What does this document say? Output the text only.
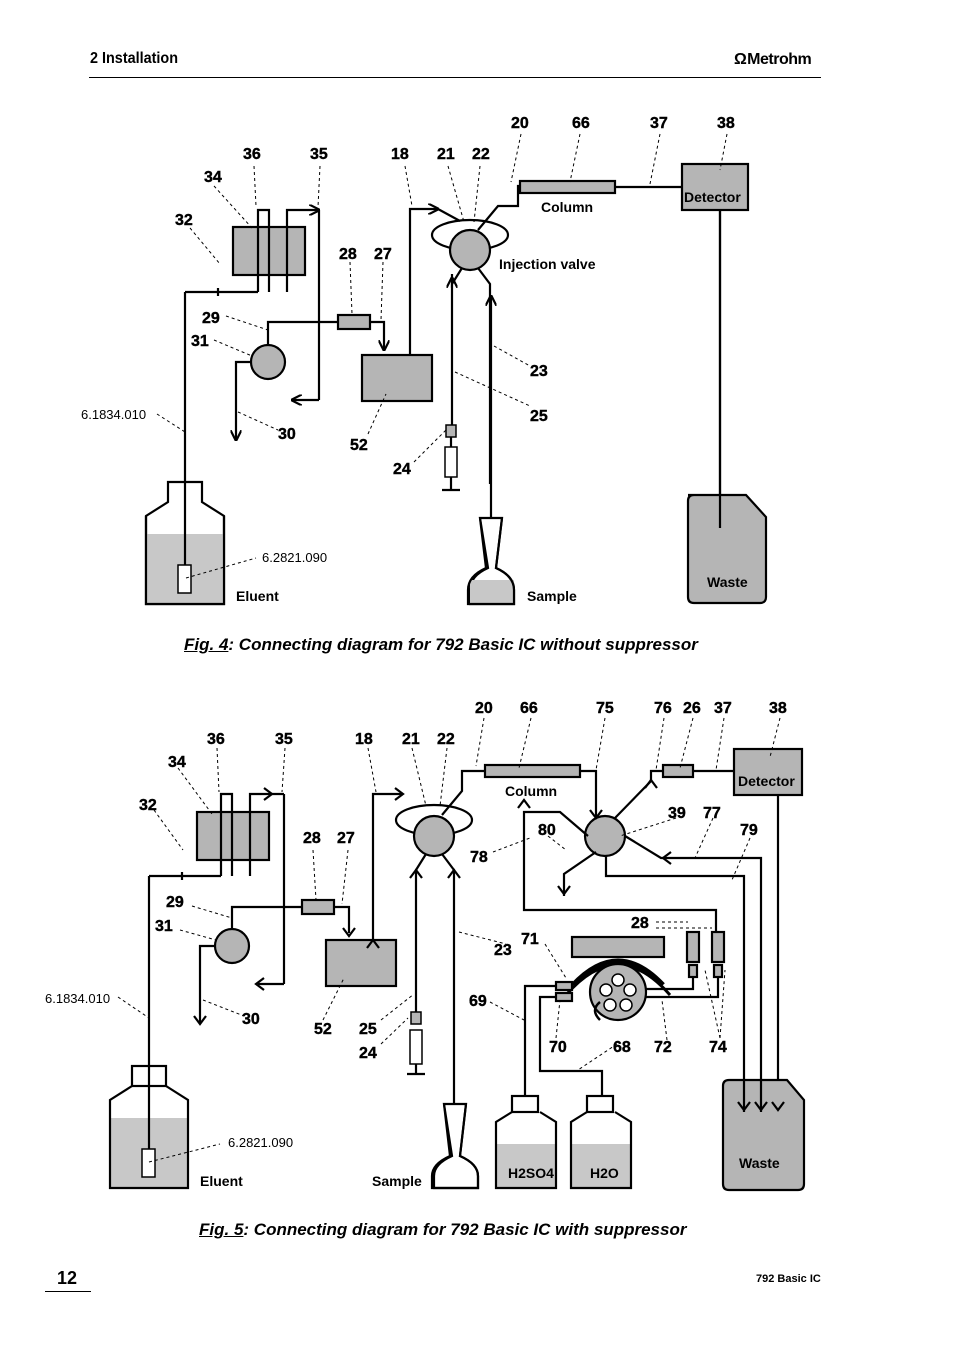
2 Installation	Ω Metrohm
20	66	37	38
36	35	18 21 22
34
32
28 27
29
31
23
25
30
52
24
Column
Detector
Injection valve
Eluent	Sample
Waste
6.1834.010
6.2821.090
Fig. 4: Connecting diagram for 792 Basic IC without suppressor
20 66	75	76 26 37 38
36	35	18 21 22
34
32	39 77
80	79
78
28 27
28
29
31
23
71
69
30
52 25
24	70	68 72 74
Column
Detector
Eluent	Sample
Waste
H2SO4	H2O
6.1834.010
6.2821.090
Fig. 5: Connecting diagram for 792 Basic IC with suppressor
12	792 Basic IC
